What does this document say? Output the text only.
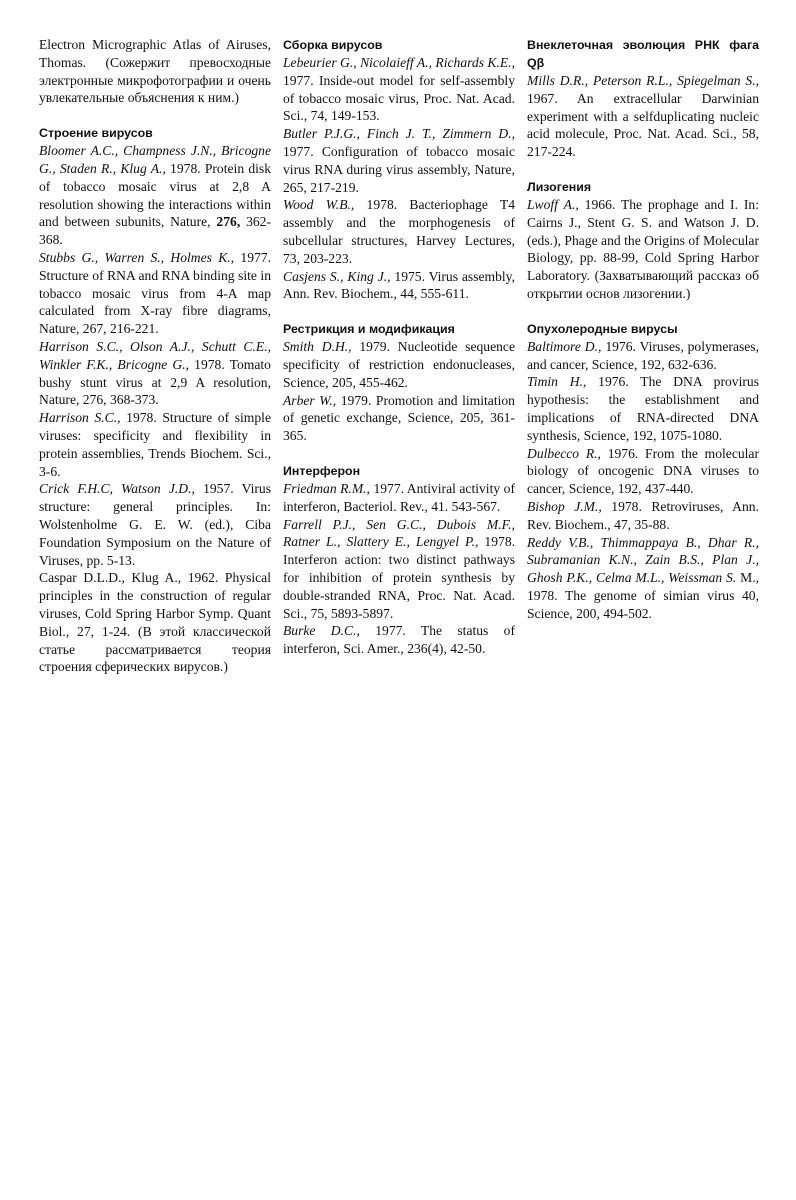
Electron Micrographic Atlas of Airuses, Thomas. (Сожержит превосходные электронные микрофотографии и очень увлекательные объяснения к ним.)

Строение вирусов

Bloomer A.C., Champness J.N., Bricogne G., Staden R., Klug A., 1978. Protein disk of tobacco mosaic virus at 2,8 A resolution showing the interactions within and between subunits, Nature, 276, 362-368.

Stubbs G., Warren S., Holmes K., 1977. Structure of RNA and RNA binding site in tobacco mosaic virus from 4-A map calculated from X-ray fibre diagrams, Nature, 267, 216-221.

Harrison S.C., Olson A.J., Schutt C.E., Winkler F.K., Bricogne G., 1978. Tomato bushy stunt virus at 2,9 A resolution, Nature, 276, 368-373.

Harrison S.C., 1978. Structure of simple viruses: specificity and flexibility in protein assemblies, Trends Biochem. Sci., 3-6.

Crick F.H.C, Watson J.D., 1957. Virus structure: general principles. In: Wolstenholme G. E. W. (ed.), Ciba Foundation Symposium on the Nature of Viruses, pp. 5-13.

Caspar D.L.D., Klug A., 1962. Physical principles in the construction of regular viruses, Cold Spring Harbor Symp. Quant Biol., 27, 1-24. (В этой классической статье рассматривается теория строения сферических вирусов.)

Сборка вирусов

Lebeurier G., Nicolaieff A., Richards K.E., 1977. Inside-out model for self-assembly of tobacco mosaic virus, Proc. Nat. Acad. Sci., 74, 149-153.

Butler P.J.G., Finch J. T., Zimmern D., 1977. Configuration of tobacco mosaic virus RNA during virus assembly, Nature, 265, 217-219.

Wood W.B., 1978. Bacteriophage T4 assembly and the morphogenesis of subcellular structures, Harvey Lectures, 73, 203-223.

Casjens S., King J., 1975. Virus assembly, Ann. Rev. Biochem., 44, 555-611.

Рестрикция и модификация

Smith D.H., 1979. Nucleotide sequence specificity of restriction endonucleases, Science, 205, 455-462.

Arber W., 1979. Promotion and limitation of genetic exchange, Science, 205, 361-365.

Интерферон

Friedman R.M., 1977. Antiviral activity of interferon, Bacteriol. Rev., 41. 543-567.

Farrell P.J., Sen G.C., Dubois M.F., Ratner L., Slattery E., Lengyel P., 1978. Interferon action: two distinct pathways for inhibition of protein synthesis by double-stranded RNA, Proc. Nat. Acad. Sci., 75, 5893-5897.

Burke D.C., 1977. The status of interferon, Sci. Amer., 236(4), 42-50.

Внеклеточная эволюция РНК фага Qβ

Mills D.R., Peterson R.L., Spiegelman S., 1967. An extracellular Darwinian experiment with a selfduplicating nucleic acid molecule, Proc. Nat. Acad. Sci., 58, 217-224.

Лизогения

Lwoff A., 1966. The prophage and I. In: Cairns J., Stent G. S. and Watson J. D. (eds.), Phage and the Origins of Molecular Biology, pp. 88-99, Cold Spring Harbor Laboratory. (Захватывающий рассказ об открытии основ лизогении.)

Опухолеродные вирусы

Baltimore D., 1976. Viruses, polymerases, and cancer, Science, 192, 632-636.

Timin H., 1976. The DNA provirus hypothesis: the establishment and implications of RNA-directed DNA synthesis, Science, 192, 1075-1080.

Dulbecco R., 1976. From the molecular biology of oncogenic DNA viruses to cancer, Science, 192, 437-440.

Bishop J.M., 1978. Retroviruses, Ann. Rev. Biochem., 47, 35-88.

Reddy V.B., Thimmappaya B., Dhar R., Subramanian K.N., Zain B.S., Plan J., Ghosh P.K., Celma M.L., Weissman S. M., 1978. The genome of simian virus 40, Science, 200, 494-502.
